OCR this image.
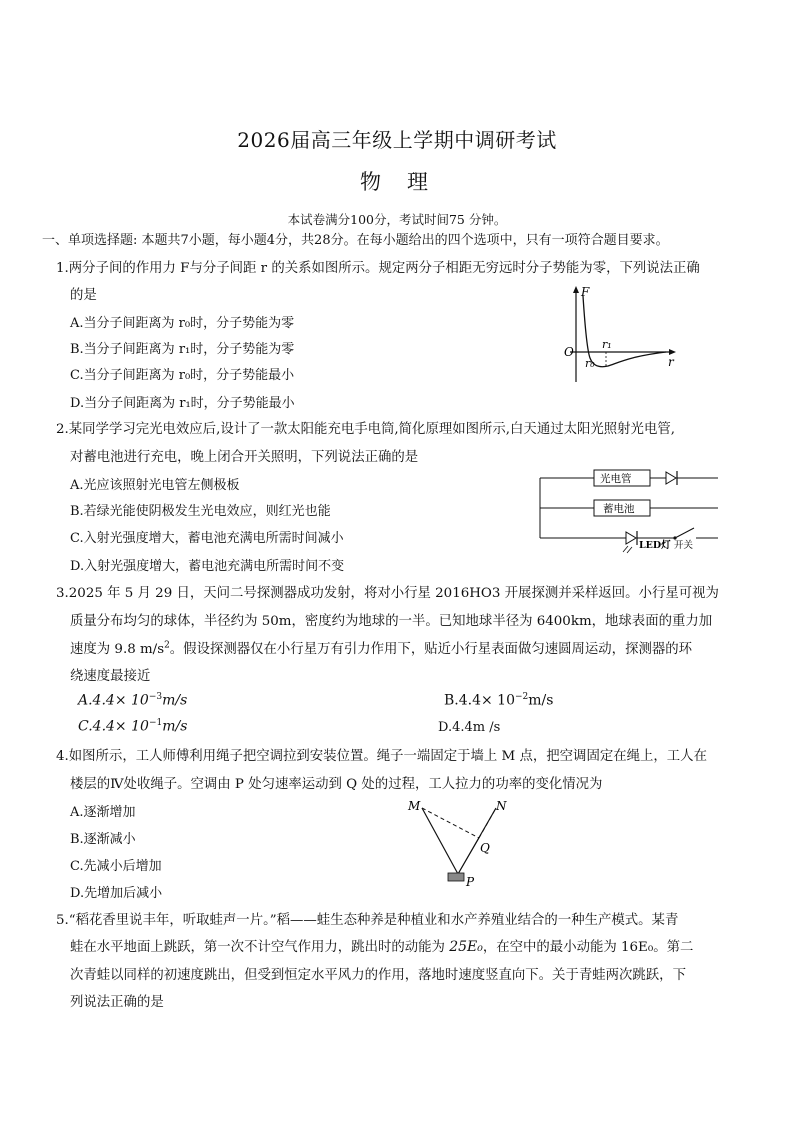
2026届高三年级上学期中调研考试
物理
本试卷满分100分，考试时间75 分钟。
一、单项选择题: 本题共7小题，每小题4分，共28分。在每小题给出的四个选项中，只有一项符合题目要求。
1.两分子间的作用力 F与分子间距 r 的关系如图所示。规定两分子相距无穷远时分子势能为零，下列说法正确
的是
A.当分子间距离为 r₀时，分子势能为零
B.当分子间距离为 r₁时，分子势能为零
C.当分子间距离为 r₀时，分子势能最小
D.当分子间距离为 r₁时，分子势能最小
F
O
r₀
r₁
r
2.某同学学习完光电效应后,设计了一款太阳能充电手电筒,简化原理如图所示,白天通过太阳光照射光电管,
对蓄电池进行充电，晚上闭合开关照明，下列说法正确的是
A.光应该照射光电管左侧极板
B.若绿光能使阴极发生光电效应，则红光也能
C.入射光强度增大，蓄电池充满电所需时间减小
D.入射光强度增大，蓄电池充满电所需时间不变
光电管
蓄电池
LED灯 开关
3.2025 年 5 月 29 日，天问二号探测器成功发射，将对小行星 2016HO3 开展探测并采样返回。小行星可视为
质量分布均匀的球体，半径约为 50m，密度约为地球的一半。已知地球半径为 6400km，地球表面的重力加
速度为 9.8 $m/s^2$。假设探测器仅在小行星万有引力作用下，贴近小行星表面做匀速圆周运动，探测器的环
绕速度最接近
$A.4.4\times 10^{-3}m/s$	$B.4.4\times 10^{-2}m/s$
$C.4.4\times 10^{-1}m/s$	D.4.4m /s
4.如图所示，工人师傅利用绳子把空调拉到安装位置。绳子一端固定于墙上 M 点，把空调固定在绳上，工人在
楼层的Ⅳ处收绳子。空调由 P 处匀速率运动到 Q 处的过程，工人拉力的功率的变化情况为
A.逐渐增加
B.逐渐减小
C.先减小后增加
D.先增加后减小
M	N
Q
P
5.“稻花香里说丰年，听取蛙声一片。”稻——蛙生态种养是种植业和水产养殖业结合的一种生产模式。某青
蛙在水平地面上跳跃，第一次不计空气作用力，跳出时的动能为 25E₀，在空中的最小动能为 16E₀。第二
次青蛙以同样的初速度跳出，但受到恒定水平风力的作用，落地时速度竖直向下。关于青蛙两次跳跃，下
列说法正确的是
